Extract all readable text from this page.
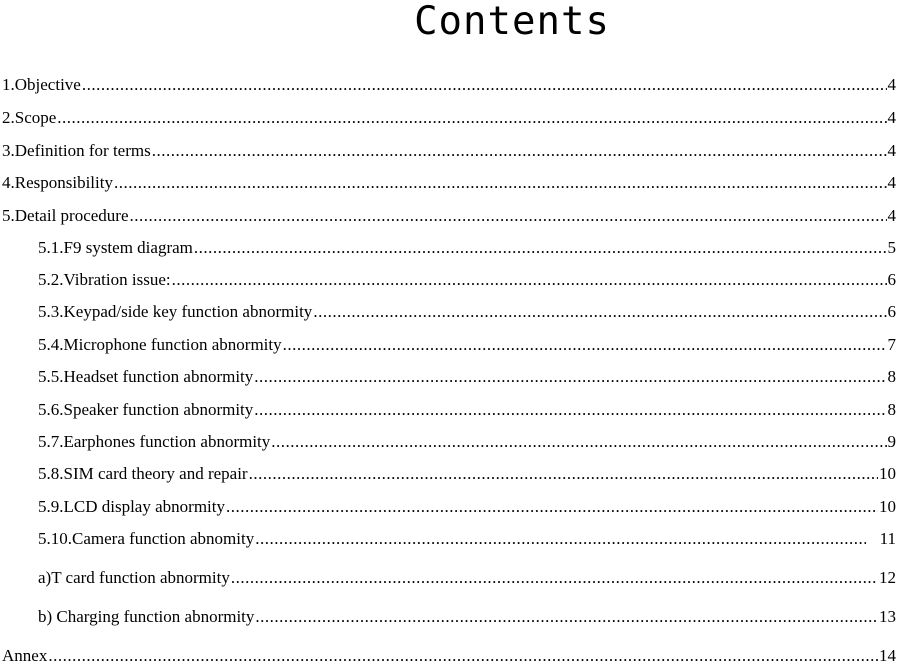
Contents
1. Objective .....	4
2. Scope .....	4
3. Definition for terms .....	4
4. Responsibility .....	4
5. Detail procedure .....	4
5.1. F9 system diagram .....	5
5.2. Vibration issue: .....	6
5.3. Keypad/side key function abnormity .....	6
5.4. Microphone function abnormity .....	7
5.5. Headset function abnormity .....	8
5.6. Speaker function abnormity .....	8
5.7. Earphones function abnormity .....	9
5.8. SIM card theory and repair .....	10
5.9. LCD display abnormity .....	10
5.10. Camera function abnomity .....	11
a)T card function abnormity .....	12
b) Charging function abnormity .....	13
Annex .....	14
